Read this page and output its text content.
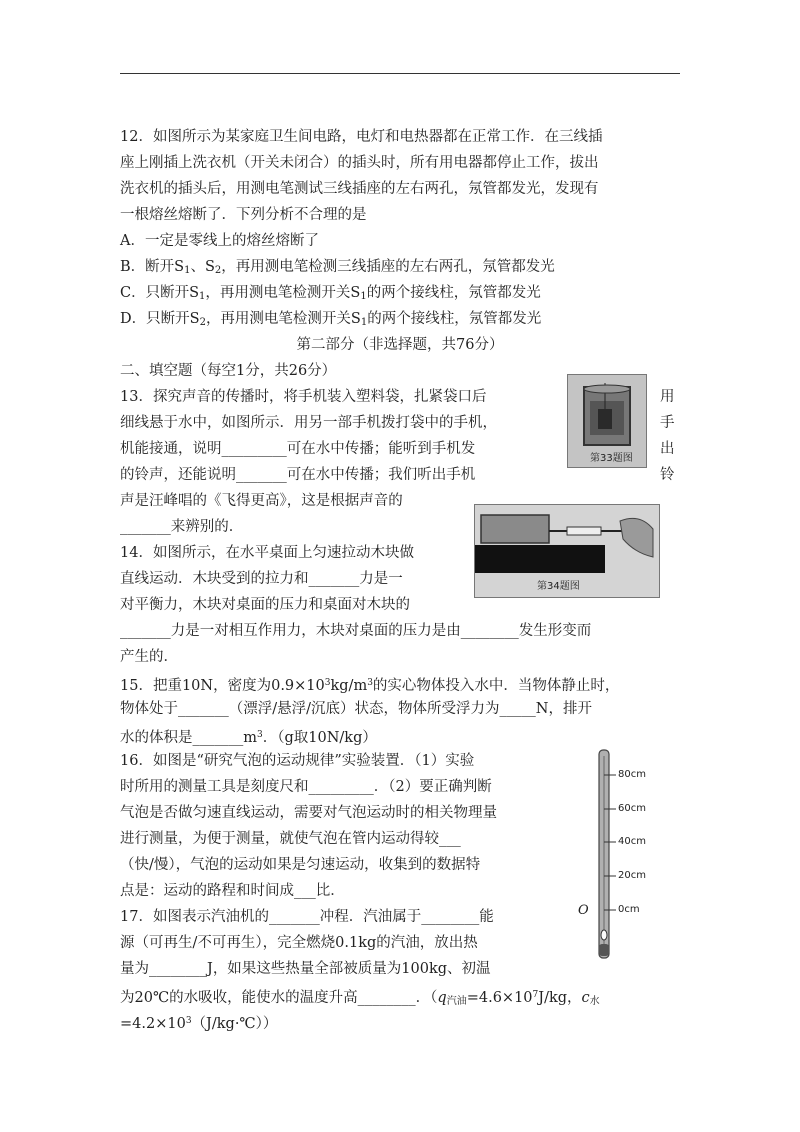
12．如图所示为某家庭卫生间电路，电灯和电热器都在正常工作．在三线插
座上刚插上洗衣机（开关未闭合）的插头时，所有用电器都停止工作，拔出
洗衣机的插头后，用测电笔测试三线插座的左右两孔，氖管都发光，发现有
一根熔丝熔断了．下列分析不合理的是
A．一定是零线上的熔丝熔断了
B．断开$S_1$、$S_2$，再用测电笔检测三线插座的左右两孔，氖管都发光
C．只断开$S_1$，再用测电笔检测开关$S_1$的两个接线柱，氖管都发光
D．只断开$S_2$，再用测电笔检测开关$S_1$的两个接线柱，氖管都发光
第二部分（非选择题，共76分）
二、填空题（每空1分，共26分）
13．探究声音的传播时，将手机装入塑料袋，扎紧袋口后
细线悬于水中，如图所示．用另一部手机拨打袋中的手机，
机能接通，说明_________可在水中传播；能听到手机发
的铃声，还能说明_______可在水中传播；我们听出手机
声是汪峰唱的《飞得更高》，这是根据声音的
_______来辨别的．
用
手
出
铃
第33题图
14．如图所示，在水平桌面上匀速拉动木块做
直线运动．木块受到的拉力和_______力是一
对平衡力，木块对桌面的压力和桌面对木块的
_______力是一对相互作用力，木块对桌面的压力是由________发生形变而
产生的．
第34题图
15．把重10N，密度为$0.9\times 10^3kg/m^3$的实心物体投入水中．当物体静止时，
物体处于_______（漂浮/悬浮/沉底）状态，物体所受浮力为_____N，排开
水的体积是$\_\_\_\_\_\_\_m^3$．（g取10N/kg）
16．如图是“研究气泡的运动规律”实验装置．（1）实验
时所用的测量工具是刻度尺和_________．（2）要正确判断
气泡是否做匀速直线运动，需要对气泡运动时的相关物理量
进行测量，为便于测量，就使气泡在管内运动得较___
（快/慢），气泡的运动如果是匀速运动，收集到的数据特
点是：运动的路程和时间成___比．
80cm
60cm
40cm
20cm
0cm
O
17．如图表示汽油机的_______冲程．汽油属于________能
源（可再生/不可再生），完全燃烧0.1kg的汽油，放出热
量为________J，如果这些热量全部被质量为100kg、初温
为20℃的水吸收，能使水的温度升高________．（$q_{汽油}=4.6\times 10^7J/kg$，$c_水$
$=4.2\times 10^3(J/kg\cdot℃)$）
